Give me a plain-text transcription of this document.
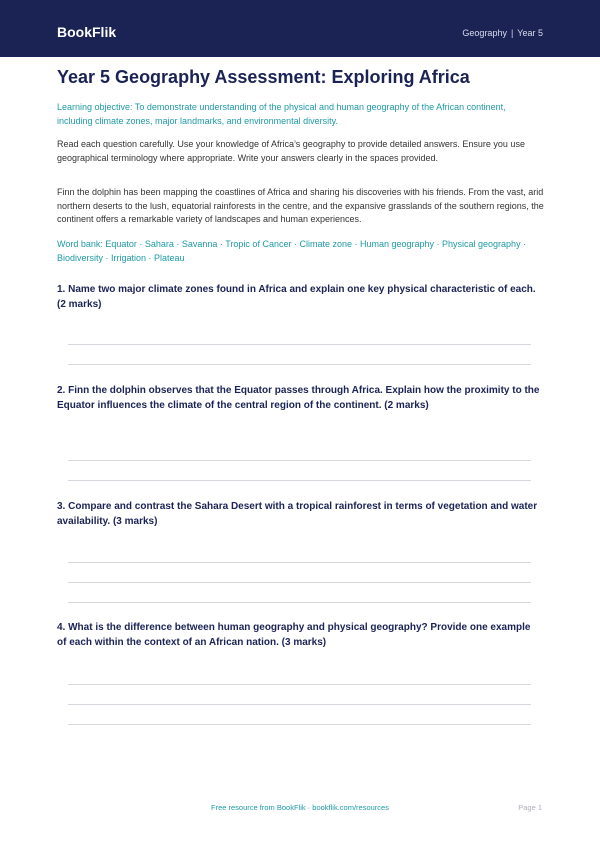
BookFlik	Geography | Year 5
Year 5 Geography Assessment: Exploring Africa

Learning objective: To demonstrate understanding of the physical and human geography of the African continent, including climate zones, major landmarks, and environmental diversity.

Read each question carefully. Use your knowledge of Africa’s geography to provide detailed answers. Ensure you use geographical terminology where appropriate. Write your answers clearly in the spaces provided.

Finn the dolphin has been mapping the coastlines of Africa and sharing his discoveries with his friends. From the vast, arid northern deserts to the lush, equatorial rainforests in the centre, and the expansive grasslands of the southern regions, the continent offers a remarkable variety of landscapes and human experiences.

Word bank: Equator · Sahara · Savanna · Tropic of Cancer · Climate zone · Human geography · Physical geography · Biodiversity · Irrigation · Plateau

1. Name two major climate zones found in Africa and explain one key physical characteristic of each. (2 marks)
2. Finn the dolphin observes that the Equator passes through Africa. Explain how the proximity to the Equator influences the climate of the central region of the continent. (2 marks)
3. Compare and contrast the Sahara Desert with a tropical rainforest in terms of vegetation and water availability. (3 marks)
4. What is the difference between human geography and physical geography? Provide one example of each within the context of an African nation. (3 marks)
Free resource from BookFlik · bookflik.com/resources	Page 1
